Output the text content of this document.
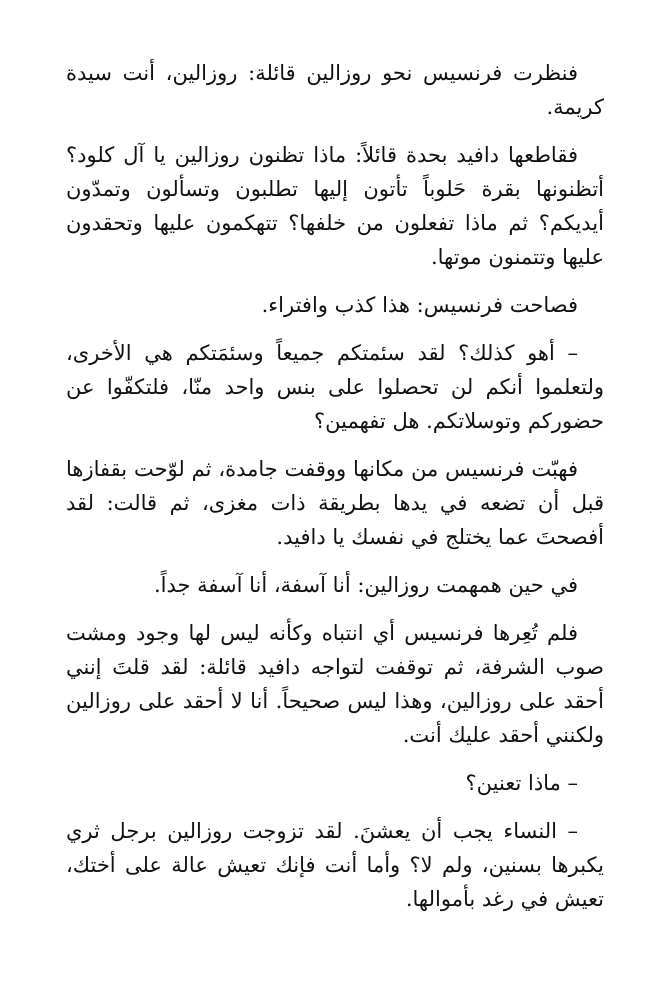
فنظرت فرنسيس نحو روزالين قائلة: روزالين، أنت سيدة كريمة.

فقاطعها دافيد بحدة قائلاً: ماذا تظنون روزالين يا آل كلود؟ أتظنونها بقرة حَلوباً تأتون إليها تطلبون وتسألون وتمدّون أيديكم؟ ثم ماذا تفعلون من خلفها؟ تتهكمون عليها وتحقدون عليها وتتمنون موتها.

فصاحت فرنسيس: هذا كذب وافتراء.

– أهو كذلك؟ لقد سئمتكم جميعاً وسئمَتكم هي الأخرى، ولتعلموا أنكم لن تحصلوا على بنس واحد منّا، فلتكفّوا عن حضوركم وتوسلاتكم. هل تفهمين؟

فهبّت فرنسيس من مكانها ووقفت جامدة، ثم لوّحت بقفازها قبل أن تضعه في يدها بطريقة ذات مغزى، ثم قالت: لقد أفصحتَ عما يختلج في نفسك يا دافيد.

في حين همهمت روزالين: أنا آسفة، أنا آسفة جداً.

فلم تُعِرها فرنسيس أي انتباه وكأنه ليس لها وجود ومشت صوب الشرفة، ثم توقفت لتواجه دافيد قائلة: لقد قلتَ إنني أحقد على روزالين، وهذا ليس صحيحاً. أنا لا أحقد على روزالين ولكنني أحقد عليك أنت.

– ماذا تعنين؟

– النساء يجب أن يعشنَ. لقد تزوجت روزالين برجل ثري يكبرها بسنين، ولم لا؟ وأما أنت فإنك تعيش عالة على أختك، تعيش في رغد بأموالها.
